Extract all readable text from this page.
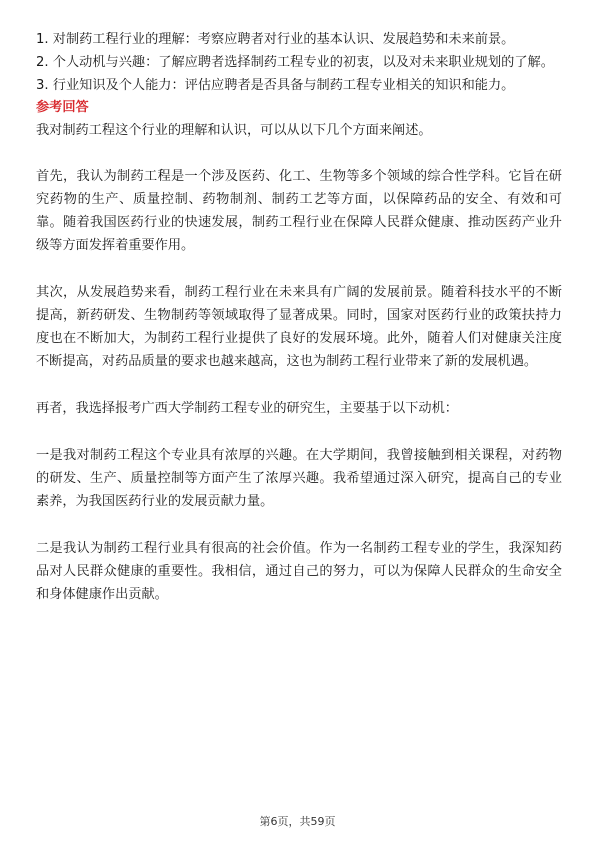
1. 对制药工程行业的理解：考察应聘者对行业的基本认识、发展趋势和未来前景。

2. 个人动机与兴趣：了解应聘者选择制药工程专业的初衷，以及对未来职业规划的了解。

3. 行业知识及个人能力：评估应聘者是否具备与制药工程专业相关的知识和能力。

参考回答

我对制药工程这个行业的理解和认识，可以从以下几个方面来阐述。

首先，我认为制药工程是一个涉及医药、化工、生物等多个领域的综合性学科。它旨在研究药物的生产、质量控制、药物制剂、制药工艺等方面，以保障药品的安全、有效和可靠。随着我国医药行业的快速发展，制药工程行业在保障人民群众健康、推动医药产业升级等方面发挥着重要作用。

其次，从发展趋势来看，制药工程行业在未来具有广阔的发展前景。随着科技水平的不断提高，新药研发、生物制药等领域取得了显著成果。同时，国家对医药行业的政策扶持力度也在不断加大，为制药工程行业提供了良好的发展环境。此外，随着人们对健康关注度不断提高，对药品质量的要求也越来越高，这也为制药工程行业带来了新的发展机遇。

再者，我选择报考广西大学制药工程专业的研究生，主要基于以下动机：

一是我对制药工程这个专业具有浓厚的兴趣。在大学期间，我曾接触到相关课程，对药物的研发、生产、质量控制等方面产生了浓厚兴趣。我希望通过深入研究，提高自己的专业素养，为我国医药行业的发展贡献力量。

二是我认为制药工程行业具有很高的社会价值。作为一名制药工程专业的学生，我深知药品对人民群众健康的重要性。我相信，通过自己的努力，可以为保障人民群众的生命安全和身体健康作出贡献。

第6页，共59页
